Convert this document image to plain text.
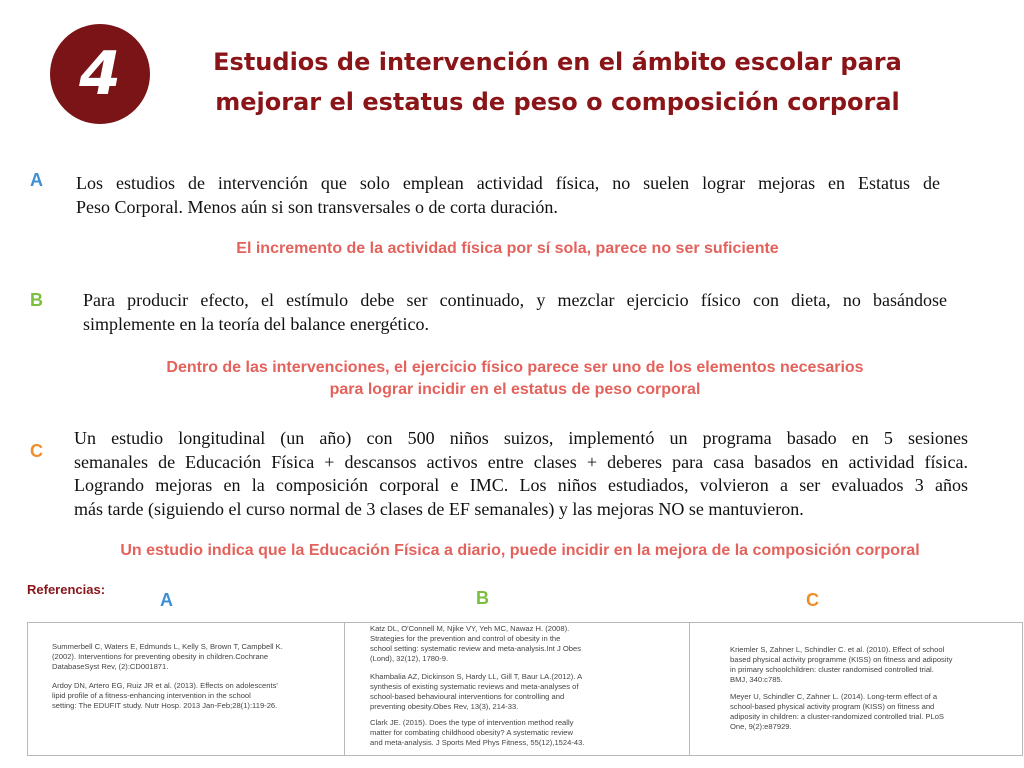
4	Estudios de intervención en el ámbito escolar para
mejorar el estatus de peso o composición corporal
A Los estudios de intervención que solo emplean actividad física, no suelen lograr mejoras en Estatus de
Peso Corporal. Menos aún si son transversales o de corta duración.
El incremento de la actividad física por sí sola, parece no ser suficiente
B Para producir efecto, el estímulo debe ser continuado, y mezclar ejercicio físico con dieta, no basándose
simplemente en la teoría del balance energético.
Dentro de las intervenciones, el ejercicio físico parece ser uno de los elementos necesarios
para lograr incidir en el estatus de peso corporal
C
Un estudio longitudinal (un año) con 500 niños suizos, implementó un programa basado en 5 sesiones
semanales de Educación Física + descansos activos entre clases + deberes para casa basados en actividad física.
Logrando mejoras en la composición corporal e IMC. Los niños estudiados, volvieron a ser evaluados 3 años
más tarde (siguiendo el curso normal de 3 clases de EF semanales) y las mejoras NO se mantuvieron.
Un estudio indica que la Educación Física a diario, puede incidir en la mejora de la composición corporal
Referencias:
A	B	C
Summerbell C, Waters E, Edmunds L, Kelly S, Brown T, Campbell K.
(2002). Interventions for preventing obesity in children.Cochrane
DatabaseSyst Rev, (2):CD001871.
Ardoy DN, Artero EG, Ruiz JR et al. (2013). Effects on adolescents'
lipid profile of a fitness-enhancing intervention in the school
setting: The EDUFIT study. Nutr Hosp. 2013 Jan-Feb;28(1):119-26.
Katz DL, O'Connell M, Njike VY, Yeh MC, Nawaz H. (2008).
Strategies for the prevention and control of obesity in the
school setting: systematic review and meta-analysis.Int J Obes
(Lond), 32(12), 1780-9.
Khambalia AZ, Dickinson S, Hardy LL, Gill T, Baur LA.(2012). A
synthesis of existing systematic reviews and meta-analyses of
school-based behavioural interventions for controlling and
preventing obesity.Obes Rev, 13(3), 214-33.
Clark JE. (2015). Does the type of intervention method really
matter for combating childhood obesity? A systematic review
and meta-analysis. J Sports Med Phys Fitness, 55(12),1524-43.
Kriemler S, Zahner L, Schindler C. et al. (2010). Effect of school
based physical activity programme (KISS) on fitness and adiposity
in primary schoolchildren: cluster randomised controlled trial.
BMJ, 340:c785.
Meyer U, Schindler C, Zahner L. (2014). Long-term effect of a
school-based physical activity program (KISS) on fitness and
adiposity in children: a cluster-randomized controlled trial. PLoS
One, 9(2):e87929.
